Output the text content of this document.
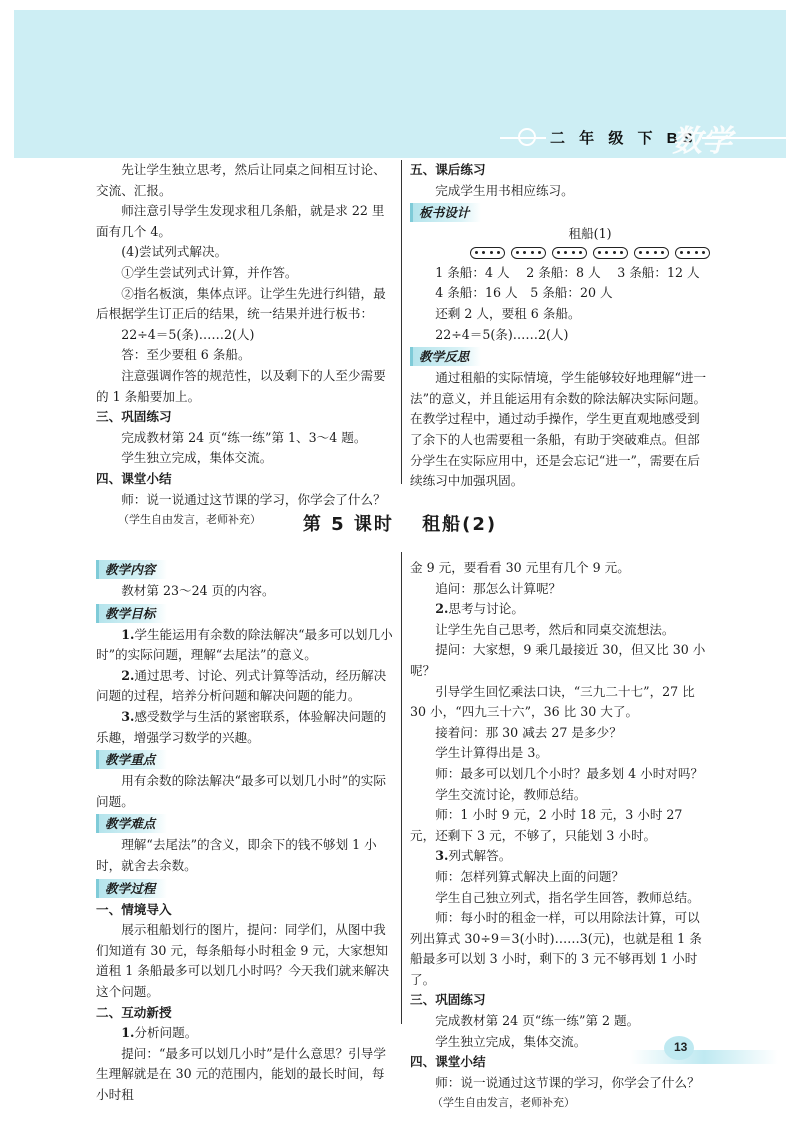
二 年 级 下 BS
数学

先让学生独立思考，然后让同桌之间相互讨论、交流、汇报。

师注意引导学生发现求租几条船，就是求 22 里面有几个 4。

(4)尝试列式解决。

①学生尝试列式计算，并作答。

②指名板演，集体点评。让学生先进行纠错，最后根据学生订正后的结果，统一结果并进行板书：

22÷4＝5(条)……2(人)

答：至少要租 6 条船。

注意强调作答的规范性，以及剩下的人至少需要的 1 条船要加上。

三、巩固练习

完成教材第 24 页“练一练”第 1、3～4 题。

学生独立完成，集体交流。

四、课堂小结

师：说一说通过这节课的学习，你学会了什么？

（学生自由发言，老师补充）

五、课后练习

完成学生用书相应练习。

板书设计
租船(1)

1 条船：4 人　 2 条船：8 人　 3 条船：12 人

4 条船：16 人　5 条船：20 人

还剩 2 人，要租 6 条船。

22÷4＝5(条)……2(人)

教学反思

通过租船的实际情境，学生能够较好地理解“进一法”的意义，并且能运用有余数的除法解决实际问题。在教学过程中，通过动手操作，学生更直观地感受到了余下的人也需要租一条船，有助于突破难点。但部分学生在实际应用中，还是会忘记“进一”，需要在后续练习中加强巩固。

第 5 课时　 租船(2)
教学内容

教材第 23～24 页的内容。

教学目标

1.学生能运用有余数的除法解决“最多可以划几小时”的实际问题，理解“去尾法”的意义。

2.通过思考、讨论、列式计算等活动，经历解决问题的过程，培养分析问题和解决问题的能力。

3.感受数学与生活的紧密联系，体验解决问题的乐趣，增强学习数学的兴趣。

教学重点

用有余数的除法解决“最多可以划几小时”的实际问题。

教学难点

理解“去尾法”的含义，即余下的钱不够划 1 小时，就舍去余数。

教学过程
一、情境导入

展示租船划行的图片，提问：同学们，从图中我们知道有 30 元，每条船每小时租金 9 元，大家想知道租 1 条船最多可以划几小时吗？今天我们就来解决这个问题。

二、互动新授

1.分析问题。

提问：“最多可以划几小时”是什么意思？引导学生理解就是在 30 元的范围内，能划的最长时间，每小时租

金 9 元，要看看 30 元里有几个 9 元。

追问：那怎么计算呢？

2.思考与讨论。

让学生先自己思考，然后和同桌交流想法。

提问：大家想，9 乘几最接近 30，但又比 30 小呢？

引导学生回忆乘法口诀，“三九二十七”，27 比 30 小，“四九三十六”，36 比 30 大了。

接着问：那 30 减去 27 是多少？

学生计算得出是 3。

师：最多可以划几个小时？最多划 4 小时对吗？

学生交流讨论，教师总结。

师：1 小时 9 元，2 小时 18 元，3 小时 27 元，还剩下 3 元，不够了，只能划 3 小时。

3.列式解答。

师：怎样列算式解决上面的问题？

学生自己独立列式，指名学生回答，教师总结。

师：每小时的租金一样，可以用除法计算，可以列出算式 30÷9＝3(小时)……3(元)，也就是租 1 条船最多可以划 3 小时，剩下的 3 元不够再划 1 小时了。

三、巩固练习

完成教材第 24 页“练一练”第 2 题。

学生独立完成，集体交流。

四、课堂小结

师：说一说通过这节课的学习，你学会了什么？

（学生自由发言，老师补充）

13
